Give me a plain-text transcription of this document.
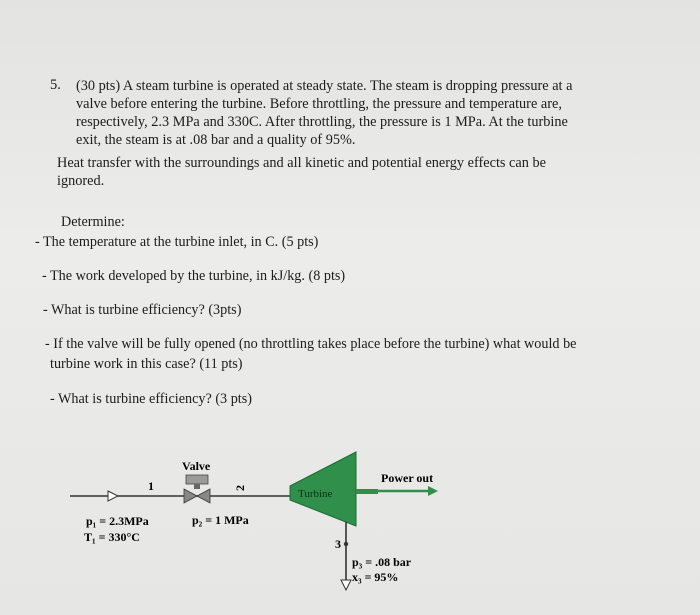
5. (30 pts) A steam turbine is operated at steady state. The steam is dropping pressure at a
valve before entering the turbine. Before throttling, the pressure and temperature are,
respectively, 2.3 MPa and 330C. After throttling, the pressure is 1 MPa. At the turbine
exit, the steam is at .08 bar and a quality of 95%.
Heat transfer with the surroundings and all kinetic and potential energy effects can be
ignored.
Determine:
- The temperature at the turbine inlet, in C. (5 pts)
- The work developed by the turbine, in kJ/kg. (8 pts)
- What is turbine efficiency? (3pts)
- If the valve will be fully opened (no throttling takes place before the turbine) what would be
turbine work in this case? (11 pts)
- What is turbine efficiency? (3 pts)
1
Valve
2	Turbine
Power out
3
p₁ = 2.3MPa
T₁ = 330°C
p₂ = 1 MPa
p₃ = .08 bar
x₃ = 95%
